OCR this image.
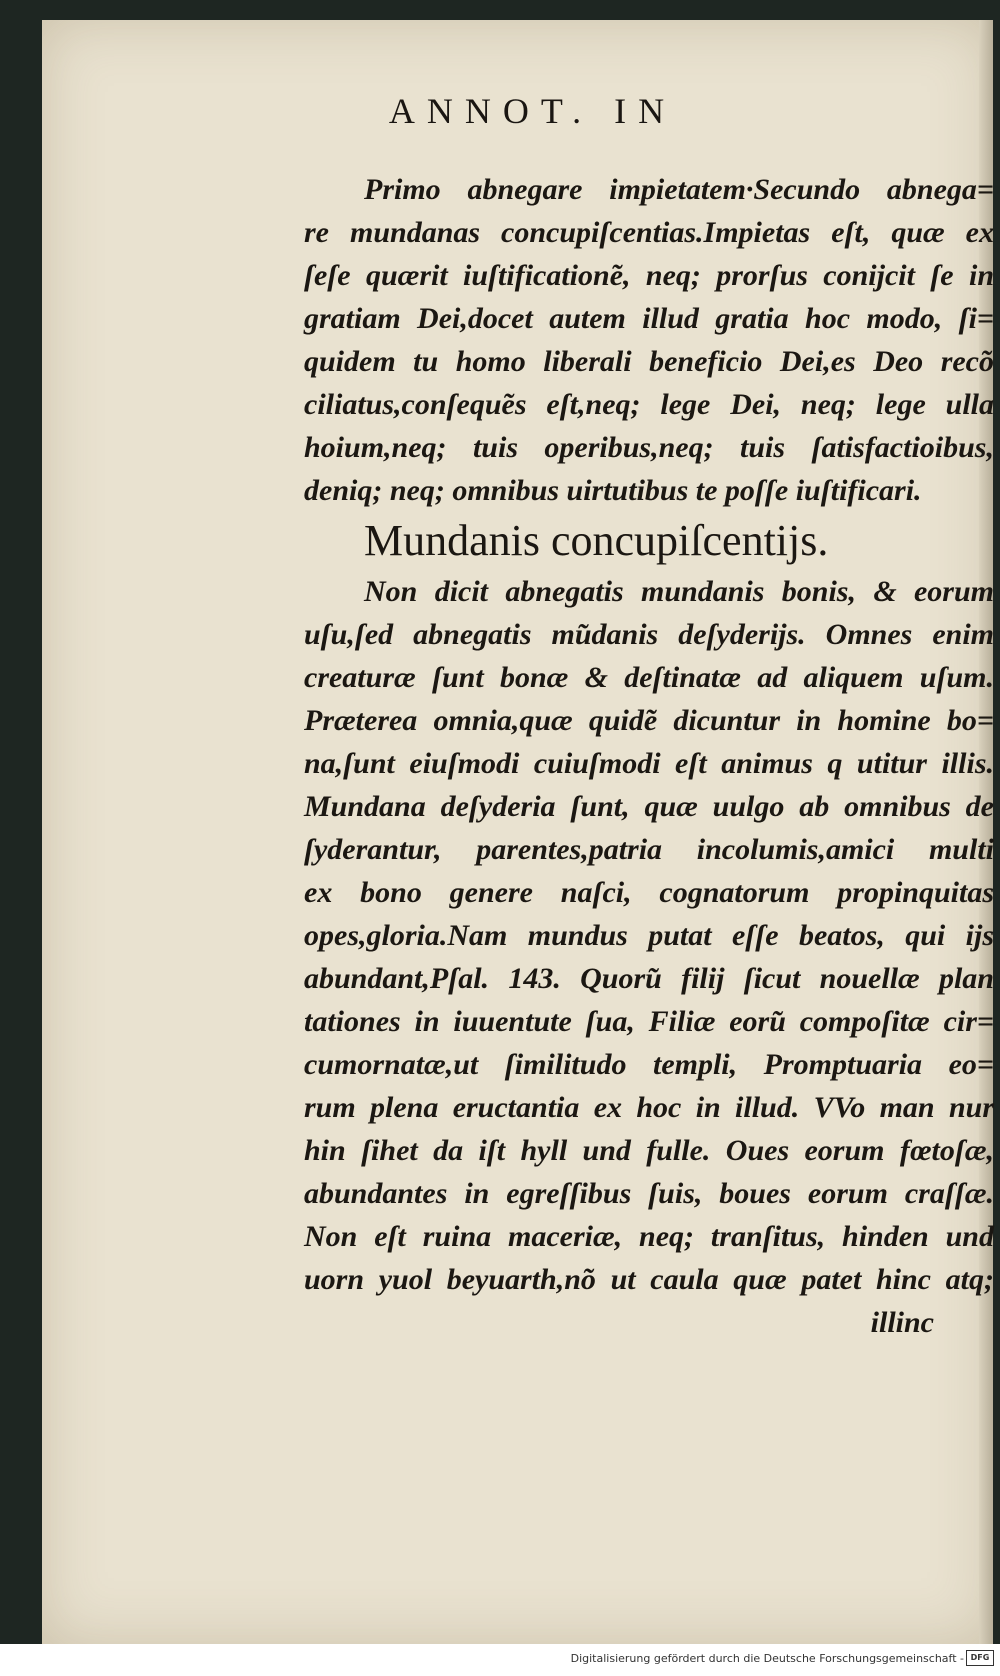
ANNOT. IN
Primo abnegare impietatem·Secundo abnega=
re mundanas concupiſcentias.Impietas eſt, quæ ex
ſeſe quærit iuſtificatione͂, neq; prorſus conijcit ſe in
gratiam Dei,docet autem illud gratia hoc modo, ſi=
quidem tu homo liberali beneficio Dei,es Deo reco͂
ciliatus,conſeque͂s eſt,neq; lege Dei, neq; lege ulla
hoium,neq; tuis operibus,neq; tuis ſatisfactioibus,
deniq; neq; omnibus uirtutibus te poſſe iuſtificari.
Mundanis concupiſcentijs.
Non dicit abnegatis mundanis bonis, & eorum
uſu,ſed abnegatis mu͂danis deſyderijs. Omnes enim
creaturæ ſunt bonæ & deſtinatæ ad aliquem uſum.
Præterea omnia,quæ quide͂ dicuntur in homine bo=
na,ſunt eiuſmodi cuiuſmodi eſt animus q utitur illis.
Mundana deſyderia ſunt, quæ uulgo ab omnibus de
ſyderantur, parentes,patria incolumis,amici multi
ex bono genere naſci, cognatorum propinquitas
opes,gloria.Nam mundus putat eſſe beatos, qui ijs
abundant,Pſal. 143. Quoru͂ filij ſicut nouellæ plan
tationes in iuuentute ſua, Filiæ eoru͂ compoſitæ cir=
cumornatæ,ut ſimilitudo templi, Promptuaria eo=
rum plena eructantia ex hoc in illud. VVo man nur
hin ſihet da iſt hyll und fulle. Oues eorum fœtoſæ,
abundantes in egreſſibus ſuis, boues eorum craſſæ.
Non eſt ruina maceriæ, neq; tranſitus, hinden und
uorn yuol beyuarth,no͂ ut caula quæ patet hinc atq;
illinc
Digitalisierung gefördert durch die Deutsche Forschungsgemeinschaft - DFG
